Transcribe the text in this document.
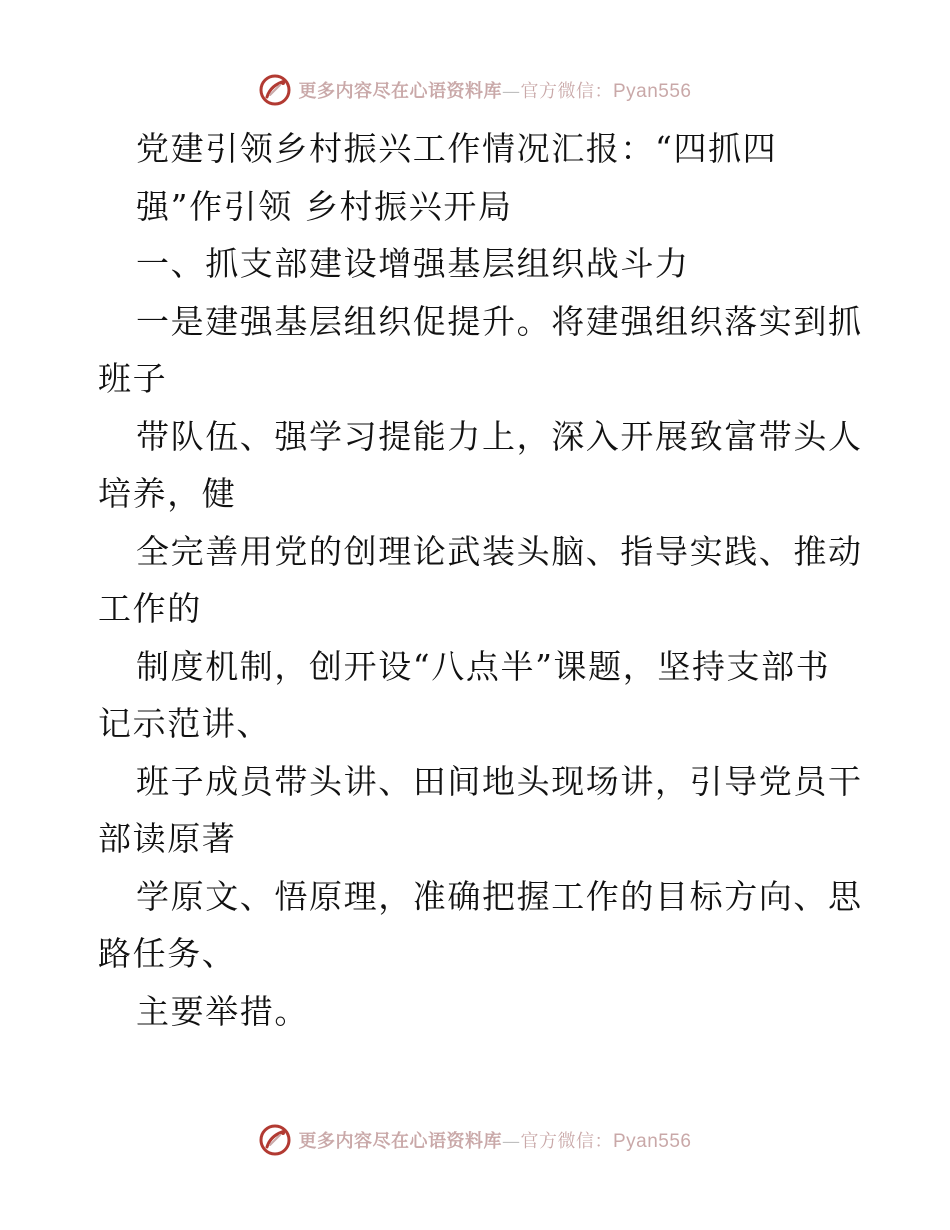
更多内容尽在心语资料库—官方微信：Pyan556
党建引领乡村振兴工作情况汇报：“四抓四
强”作引领 乡村振兴开局
一、抓支部建设增强基层组织战斗力
一是建强基层组织促提升。将建强组织落实到抓
班子
带队伍、强学习提能力上，深入开展致富带头人
培养，健
全完善用党的创理论武装头脑、指导实践、推动
工作的
制度机制，创开设“八点半”课题，坚持支部书
记示范讲、
班子成员带头讲、田间地头现场讲，引导党员干
部读原著
学原文、悟原理，准确把握工作的目标方向、思
路任务、
主要举措。
更多内容尽在心语资料库—官方微信：Pyan556
